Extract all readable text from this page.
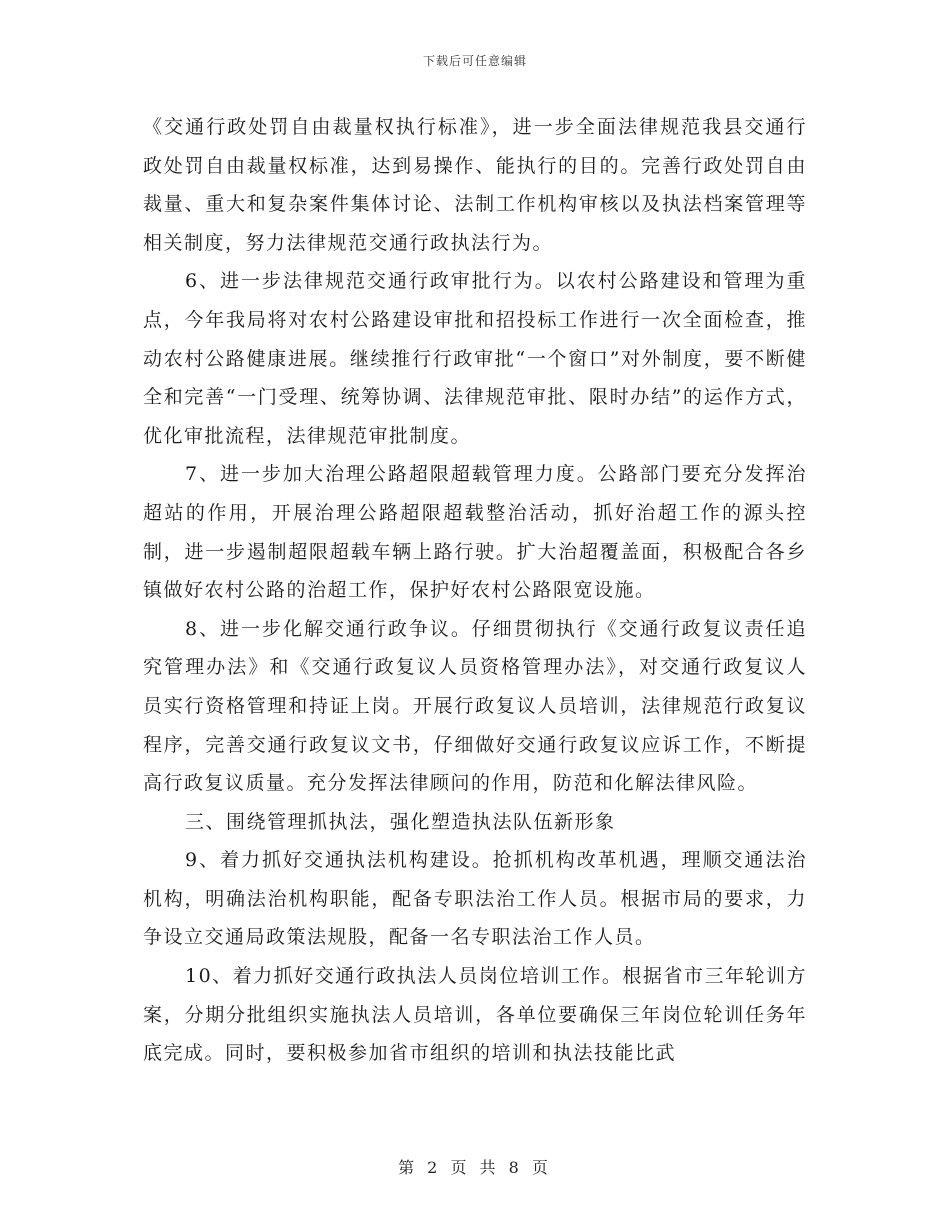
下载后可任意编辑

《交通行政处罚自由裁量权执行标准》，进一步全面法律规范我县交通行政处罚自由裁量权标准，达到易操作、能执行的目的。完善行政处罚自由裁量、重大和复杂案件集体讨论、法制工作机构审核以及执法档案管理等相关制度，努力法律规范交通行政执法行为。

6、进一步法律规范交通行政审批行为。以农村公路建设和管理为重点，今年我局将对农村公路建设审批和招投标工作进行一次全面检查，推动农村公路健康进展。继续推行行政审批“一个窗口”对外制度，要不断健全和完善“一门受理、统筹协调、法律规范审批、限时办结”的运作方式，优化审批流程，法律规范审批制度。

7、进一步加大治理公路超限超载管理力度。公路部门要充分发挥治超站的作用，开展治理公路超限超载整治活动，抓好治超工作的源头控制，进一步遏制超限超载车辆上路行驶。扩大治超覆盖面，积极配合各乡镇做好农村公路的治超工作，保护好农村公路限宽设施。

8、进一步化解交通行政争议。仔细贯彻执行《交通行政复议责任追究管理办法》和《交通行政复议人员资格管理办法》，对交通行政复议人员实行资格管理和持证上岗。开展行政复议人员培训，法律规范行政复议程序，完善交通行政复议文书，仔细做好交通行政复议应诉工作，不断提高行政复议质量。充分发挥法律顾问的作用，防范和化解法律风险。

三、围绕管理抓执法，强化塑造执法队伍新形象

9、着力抓好交通执法机构建设。抢抓机构改革机遇，理顺交通法治机构，明确法治机构职能，配备专职法治工作人员。根据市局的要求，力争设立交通局政策法规股，配备一名专职法治工作人员。

10、着力抓好交通行政执法人员岗位培训工作。根据省市三年轮训方案，分期分批组织实施执法人员培训，各单位要确保三年岗位轮训任务年底完成。同时，要积极参加省市组织的培训和执法技能比武

第 2 页 共 8 页
